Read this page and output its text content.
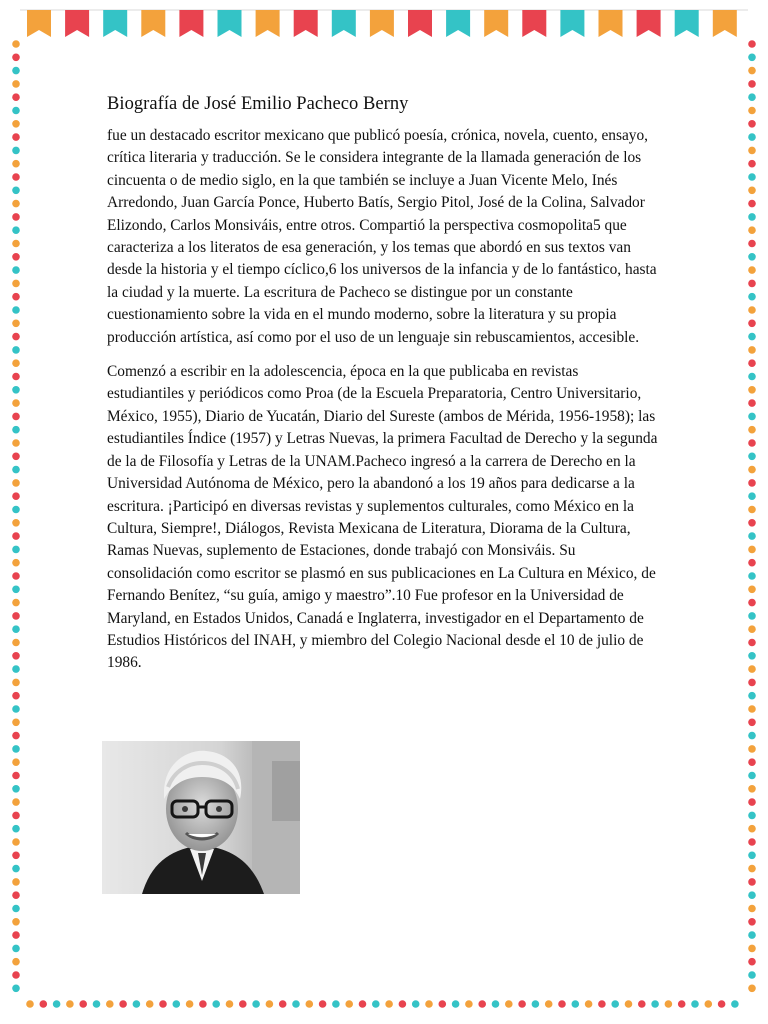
Biografía de José Emilio Pacheco Berny

fue un destacado escritor mexicano que publicó poesía, crónica, novela, cuento, ensayo, crítica literaria y traducción. Se le considera integrante de la llamada generación de los cincuenta o de medio siglo, en la que también se incluye a Juan Vicente Melo, Inés Arredondo, Juan García Ponce, Huberto Batís, Sergio Pitol, José de la Colina, Salvador Elizondo, Carlos Monsiváis, entre otros. Compartió la perspectiva cosmopolita5 que caracteriza a los literatos de esa generación, y los temas que abordó en sus textos van desde la historia y el tiempo cíclico,6 los universos de la infancia y de lo fantástico, hasta la ciudad y la muerte. La escritura de Pacheco se distingue por un constante cuestionamiento sobre la vida en el mundo moderno, sobre la literatura y su propia producción artística, así como por el uso de un lenguaje sin rebuscamientos, accesible.

Comenzó a escribir en la adolescencia, época en la que publicaba en revistas estudiantiles y periódicos como Proa (de la Escuela Preparatoria, Centro Universitario, México, 1955), Diario de Yucatán, Diario del Sureste (ambos de Mérida, 1956-1958); las estudiantiles Índice (1957) y Letras Nuevas, la primera Facultad de Derecho y la segunda de la de Filosofía y Letras de la UNAM.Pacheco ingresó a la carrera de Derecho en la Universidad Autónoma de México, pero la abandonó a los 19 años para dedicarse a la escritura. ¡Participó en diversas revistas y suplementos culturales, como México en la Cultura, Siempre!, Diálogos, Revista Mexicana de Literatura, Diorama de la Cultura, Ramas Nuevas, suplemento de Estaciones, donde trabajó con Monsiváis. Su consolidación como escritor se plasmó en sus publicaciones en La Cultura en México, de Fernando Benítez, “su guía, amigo y maestro”.10 Fue profesor en la Universidad de Maryland, en Estados Unidos, Canadá e Inglaterra, investigador en el Departamento de Estudios Históricos del INAH, y miembro del Colegio Nacional desde el 10 de julio de 1986.
